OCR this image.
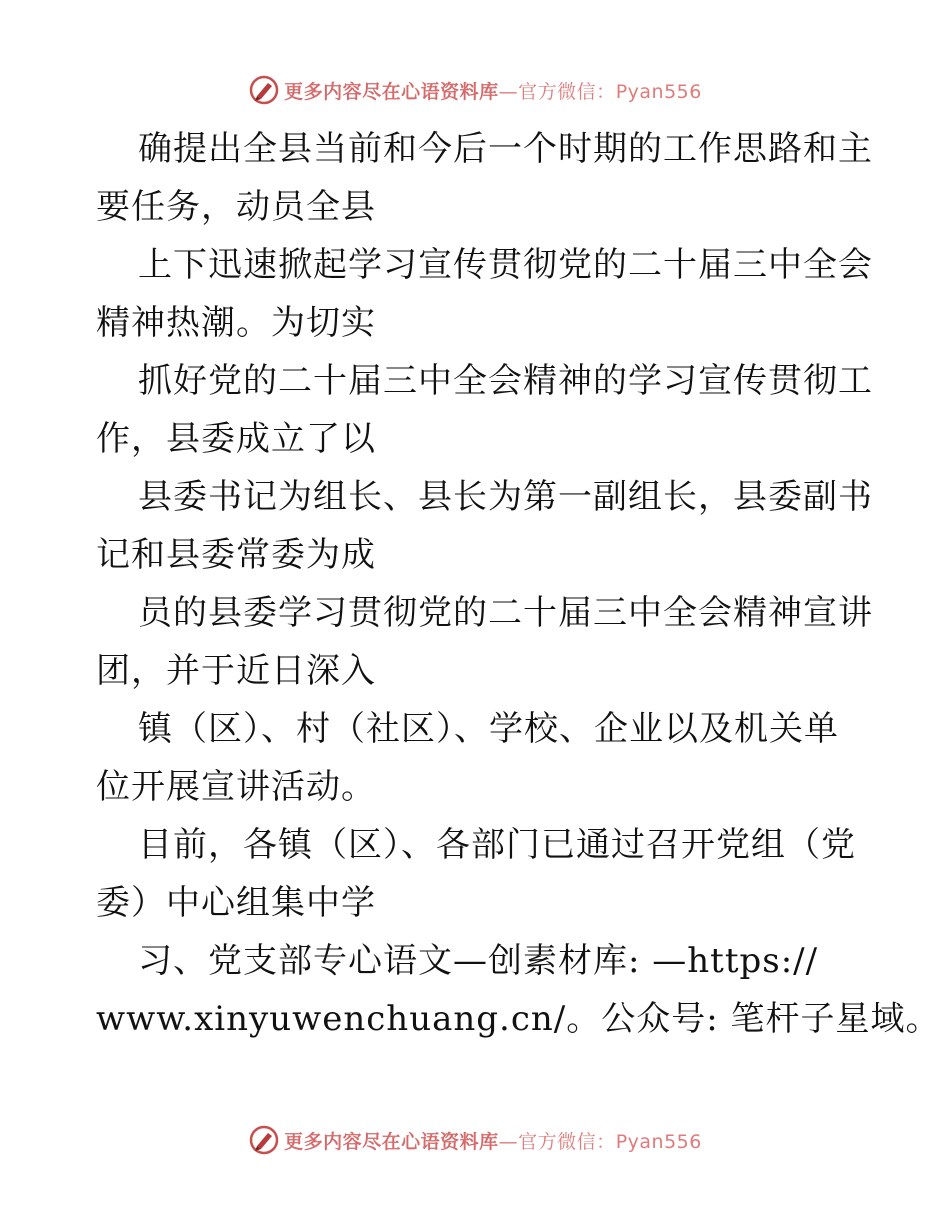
更多内容尽在心语资料库—官方微信：Pyan556
确提出全县当前和今后一个时期的工作思路和主
要任务，动员全县
上下迅速掀起学习宣传贯彻党的二十届三中全会
精神热潮。为切实
抓好党的二十届三中全会精神的学习宣传贯彻工
作，县委成立了以
县委书记为组长、县长为第一副组长，县委副书
记和县委常委为成
员的县委学习贯彻党的二十届三中全会精神宣讲
团，并于近日深入
镇（区）、村（社区）、学校、企业以及机关单
位开展宣讲活动。
目前，各镇（区）、各部门已通过召开党组（党
委）中心组集中学
习、党支部专心语文—创素材库: —https://
www.xinyuwenchuang.cn/。公众号: 笔杆子星域。
更多内容尽在心语资料库—官方微信：Pyan556
